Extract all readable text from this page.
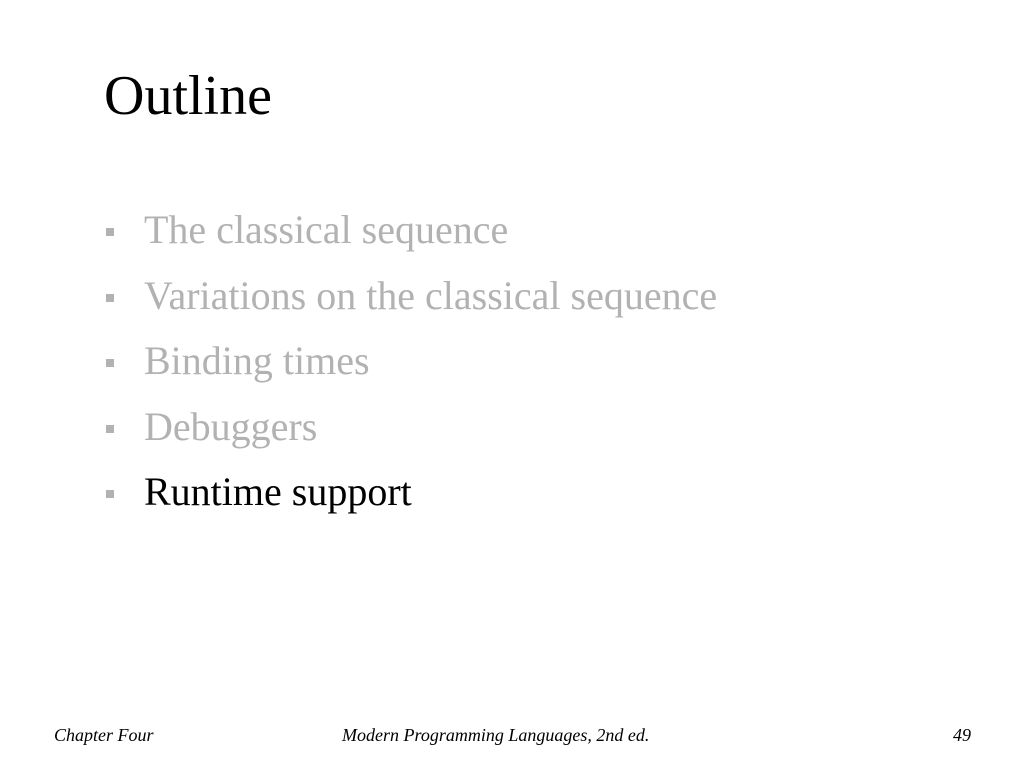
Outline
The classical sequence
Variations on the classical sequence
Binding times
Debuggers
Runtime support
Chapter Four	Modern Programming Languages, 2nd ed.	49
